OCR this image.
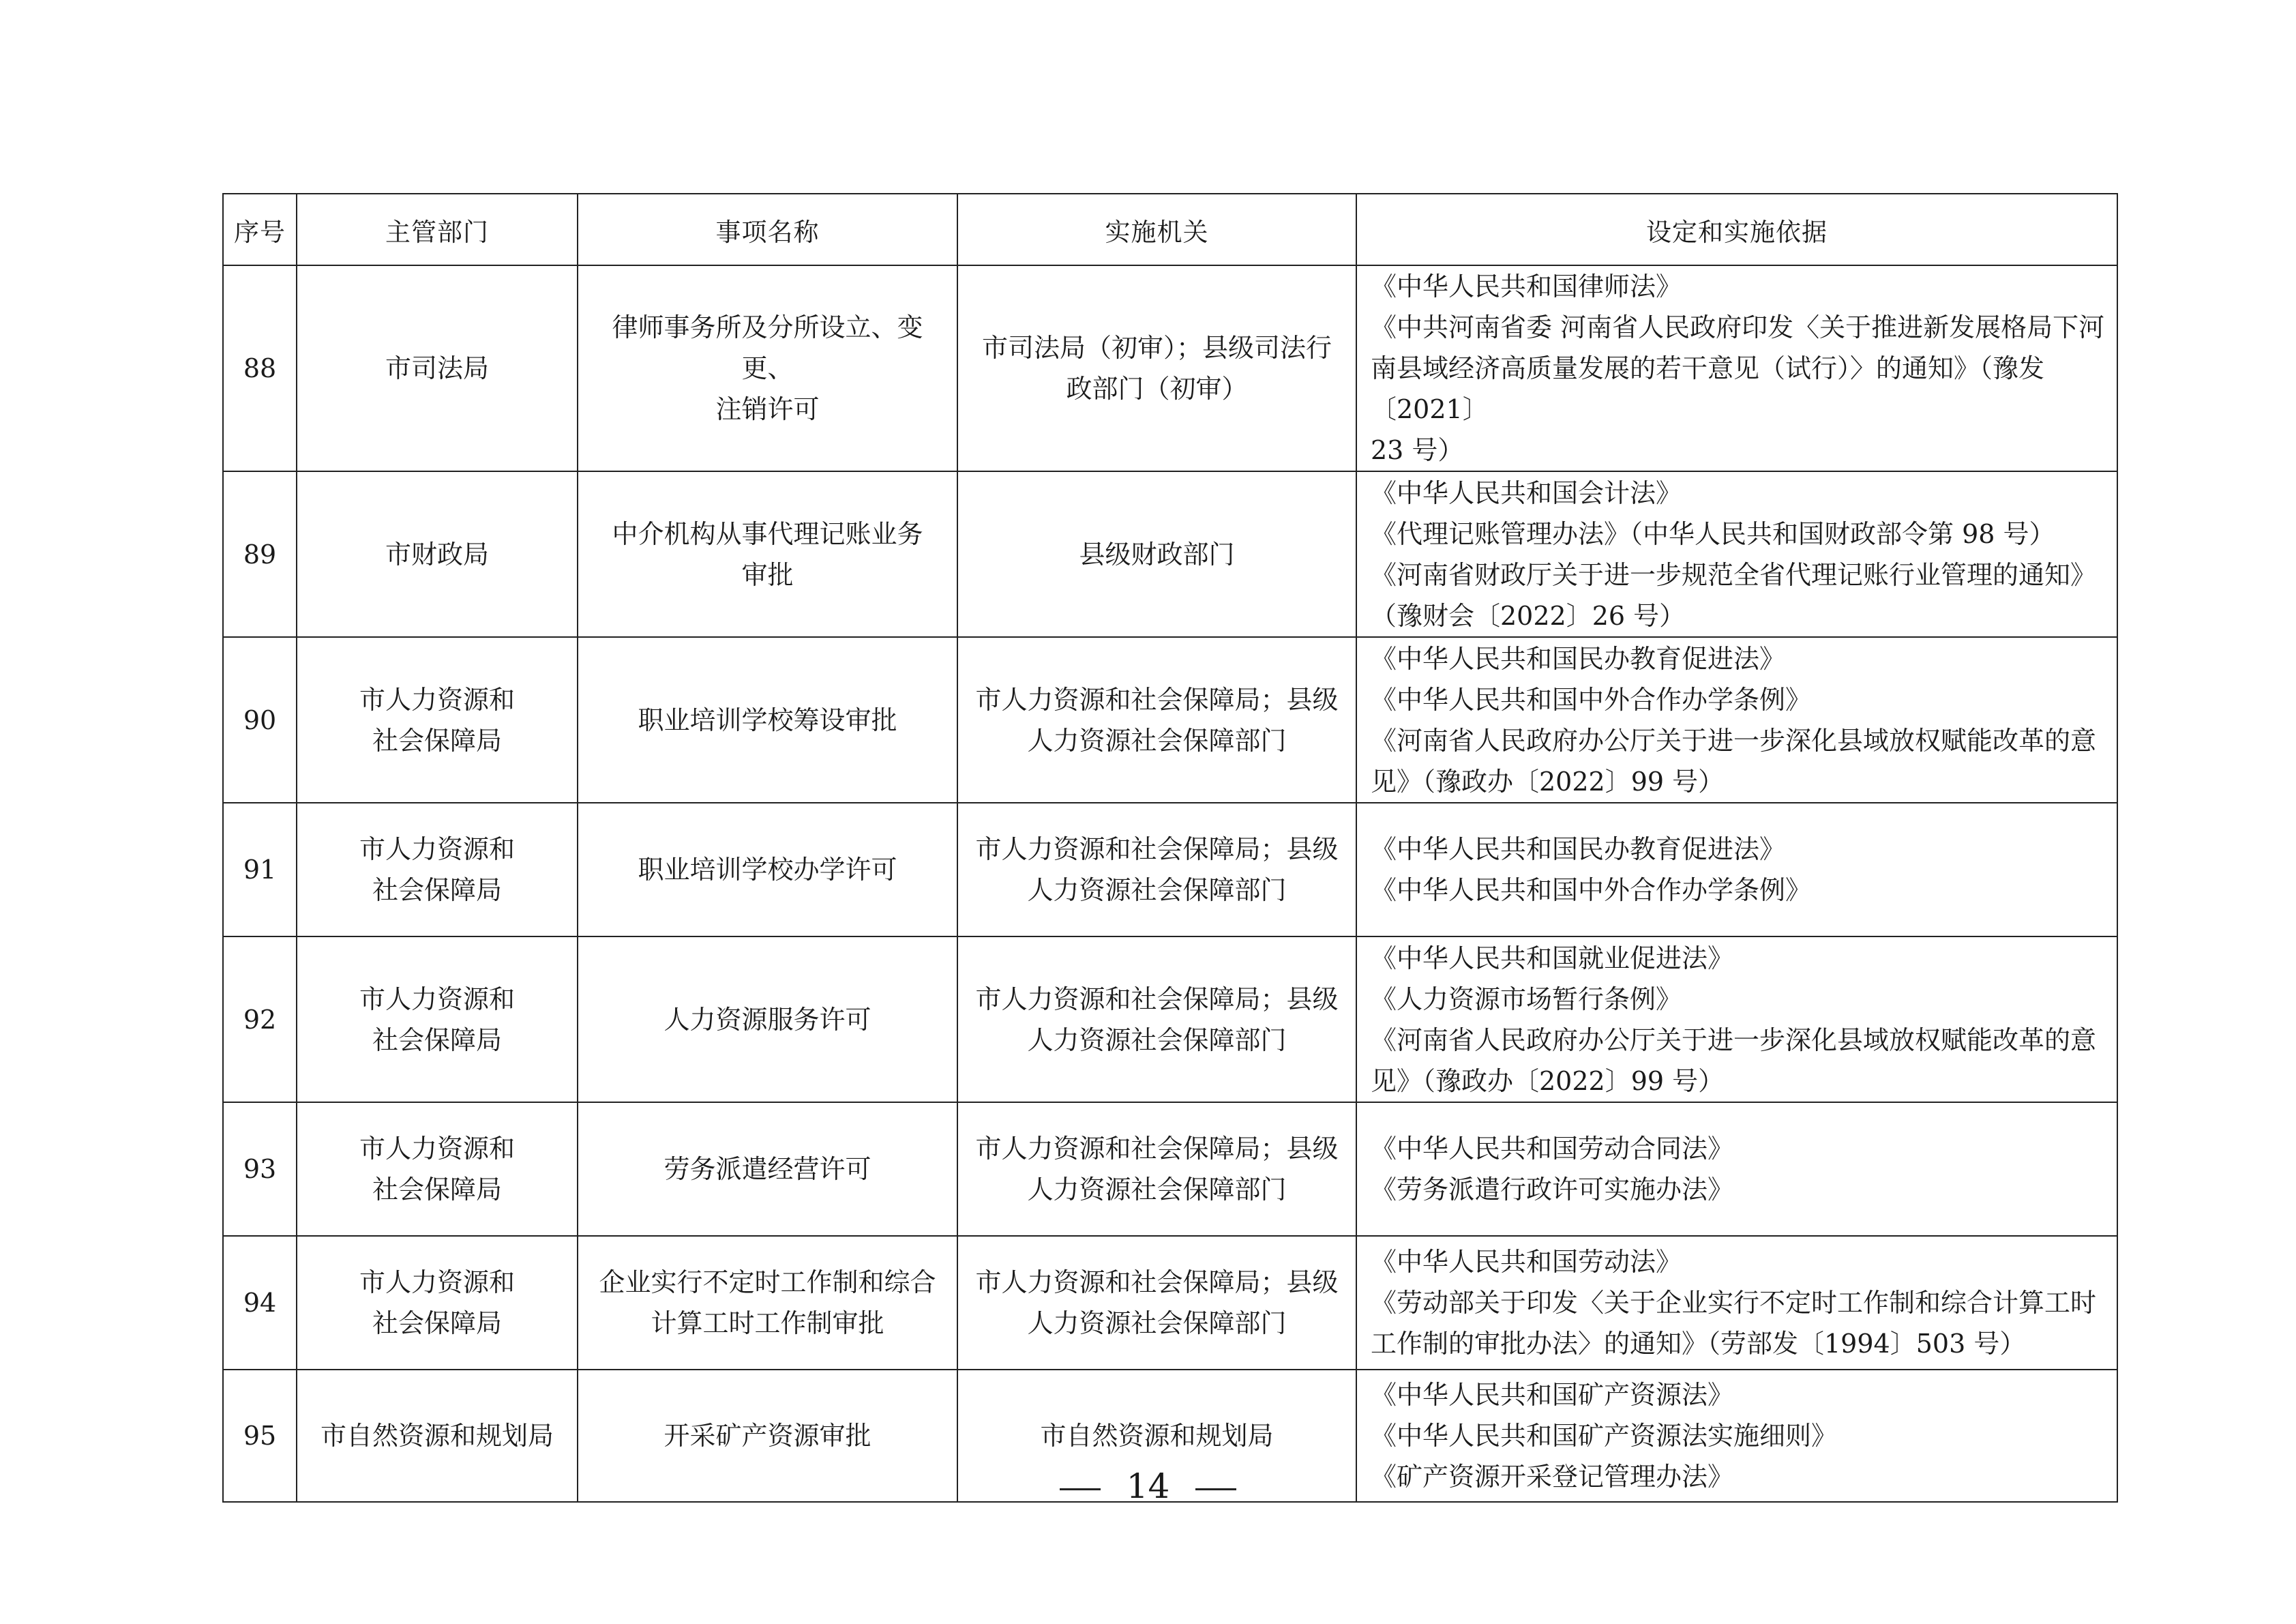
序号	主管部门	事项名称	实施机关	设定和实施依据

88	市司法局	律师事务所及分所设立、变更、
注销许可	市司法局（初审）；县级司法行
政部门（初审）	《中华人民共和国律师法》
《中共河南省委 河南省人民政府印发〈关于推进新发展格局下河
南县域经济高质量发展的若干意见（试行）〉的通知》（豫发〔2021〕
23 号）

89	市财政局	中介机构从事代理记账业务
审批	县级财政部门	《中华人民共和国会计法》
《代理记账管理办法》（中华人民共和国财政部令第 98 号）
《河南省财政厅关于进一步规范全省代理记账行业管理的通知》
（豫财会〔2022〕26 号）

90	市人力资源和
社会保障局	职业培训学校筹设审批	市人力资源和社会保障局；县级
人力资源社会保障部门	《中华人民共和国民办教育促进法》
《中华人民共和国中外合作办学条例》
《河南省人民政府办公厅关于进一步深化县域放权赋能改革的意
见》（豫政办〔2022〕99 号）

91	市人力资源和
社会保障局	职业培训学校办学许可	市人力资源和社会保障局；县级
人力资源社会保障部门	《中华人民共和国民办教育促进法》
《中华人民共和国中外合作办学条例》

92	市人力资源和
社会保障局	人力资源服务许可	市人力资源和社会保障局；县级
人力资源社会保障部门	《中华人民共和国就业促进法》
《人力资源市场暂行条例》
《河南省人民政府办公厅关于进一步深化县域放权赋能改革的意
见》（豫政办〔2022〕99 号）

93	市人力资源和
社会保障局	劳务派遣经营许可	市人力资源和社会保障局；县级
人力资源社会保障部门	《中华人民共和国劳动合同法》
《劳务派遣行政许可实施办法》

94	市人力资源和
社会保障局	企业实行不定时工作制和综合
计算工时工作制审批	市人力资源和社会保障局；县级
人力资源社会保障部门	《中华人民共和国劳动法》
《劳动部关于印发〈关于企业实行不定时工作制和综合计算工时
工作制的审批办法〉的通知》（劳部发〔1994〕503 号）

95	市自然资源和规划局	开采矿产资源审批	市自然资源和规划局	《中华人民共和国矿产资源法》
《中华人民共和国矿产资源法实施细则》
《矿产资源开采登记管理办法》
14
